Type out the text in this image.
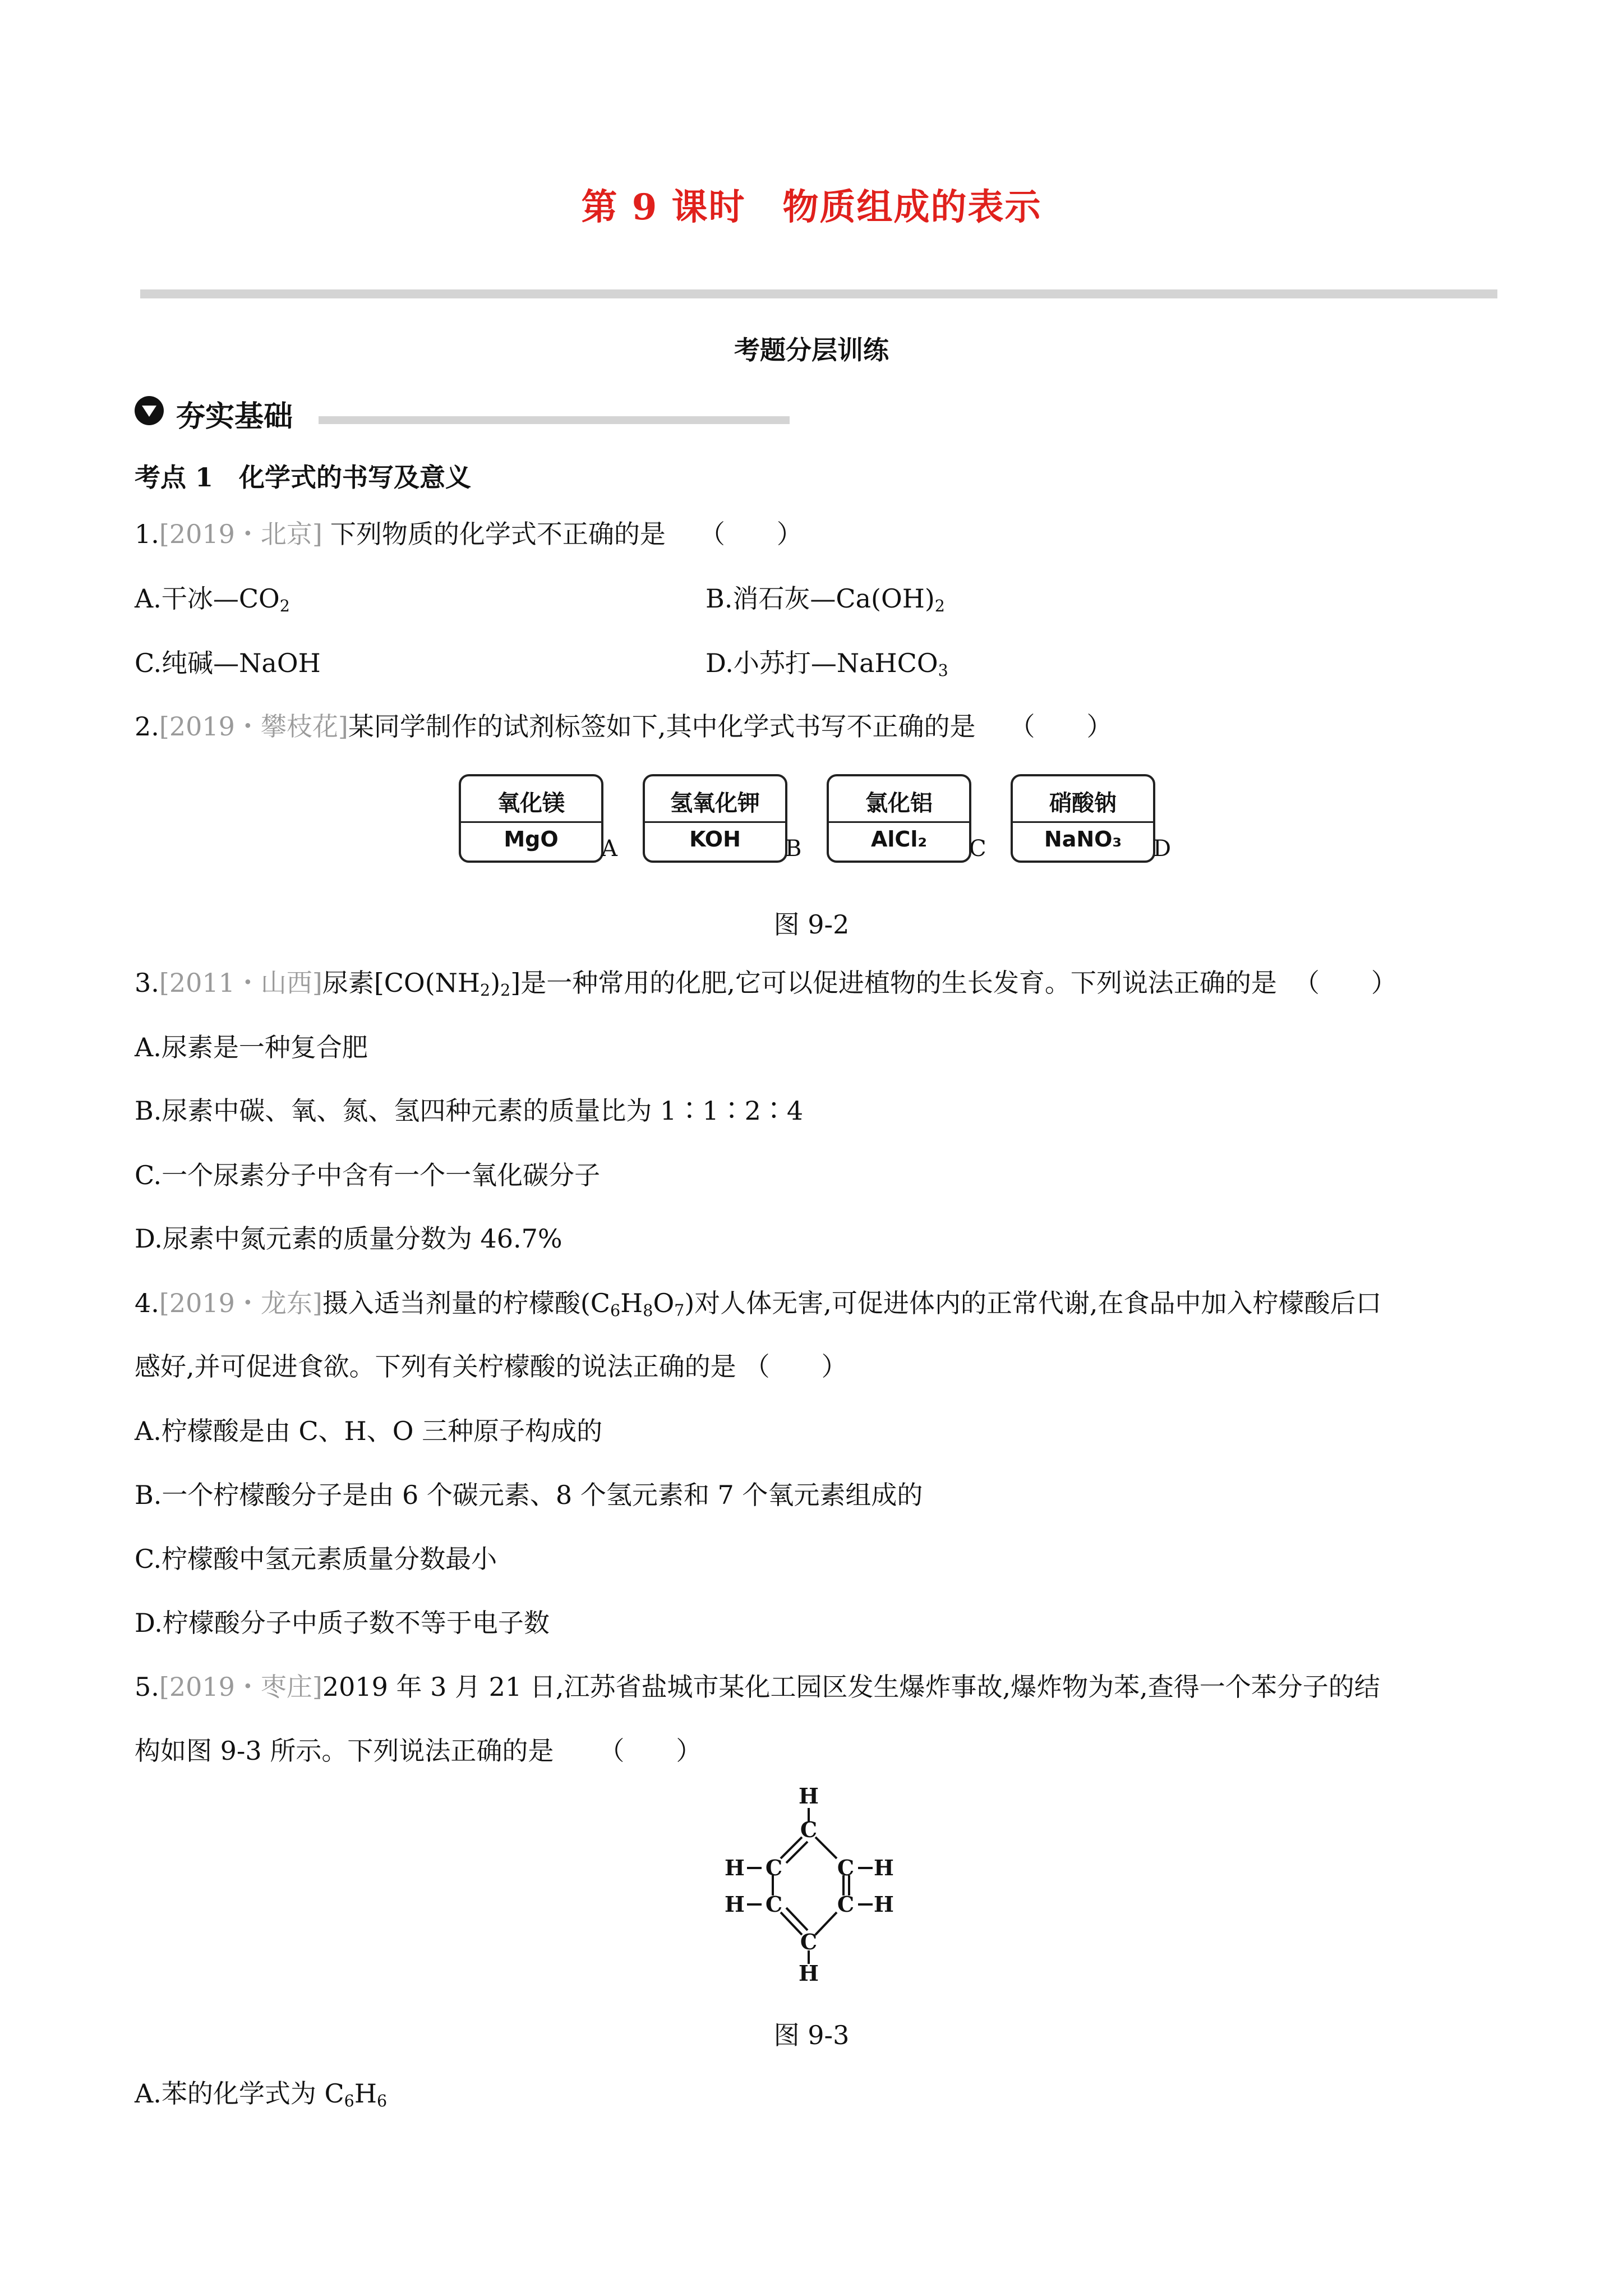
第 9 课时　物质组成的表示
考题分层训练
夯实基础
考点 1　化学式的书写及意义
1.[2019・北京] 下列物质的化学式不正确的是 （　　）
A.干冰$—CO_2$	B.消石灰$—Ca(OH)_2$
C.纯碱—NaOH	D.小苏打—NaHCO$_3$
2.[2019・攀枝花]某同学制作的试剂标签如下,其中化学式书写不正确的是 （　　）
氧化镁
MgO	A
氢氧化钾
KOH	B
氯化铝
AlCl₂	C
硝酸钠
NaNO₃	D
图 9-2
3.[2011・山西]尿素$[CO(NH_2)_2]$是一种常用的化肥,它可以促进植物的生长发育。下列说法正确的是 （　　）
A.尿素是一种复合肥
B.尿素中碳、氧、氮、氢四种元素的质量比为 1∶1∶2∶4
C.一个尿素分子中含有一个一氧化碳分子
D.尿素中氮元素的质量分数为 46.7%
4.[2019・龙东]摄入适当剂量的柠檬酸$(C_6H_8O_7)$对人体无害,可促进体内的正常代谢,在食品中加入柠檬酸后口
感好,并可促进食欲。下列有关柠檬酸的说法正确的是 （　　）
A.柠檬酸是由 C、H、O 三种原子构成的
B.一个柠檬酸分子是由 6 个碳元素、8 个氢元素和 7 个氧元素组成的
C.柠檬酸中氢元素质量分数最小
D.柠檬酸分子中质子数不等于电子数
5.[2019・枣庄]2019 年 3 月 21 日,江苏省盐城市某化工园区发生爆炸事故,爆炸物为苯,查得一个苯分子的结
构如图 9-3 所示。下列说法正确的是 （　　）
H
C
H C	C H
H C	C H
C
H
图 9-3
A.苯的化学式为 $C_6H_6$
